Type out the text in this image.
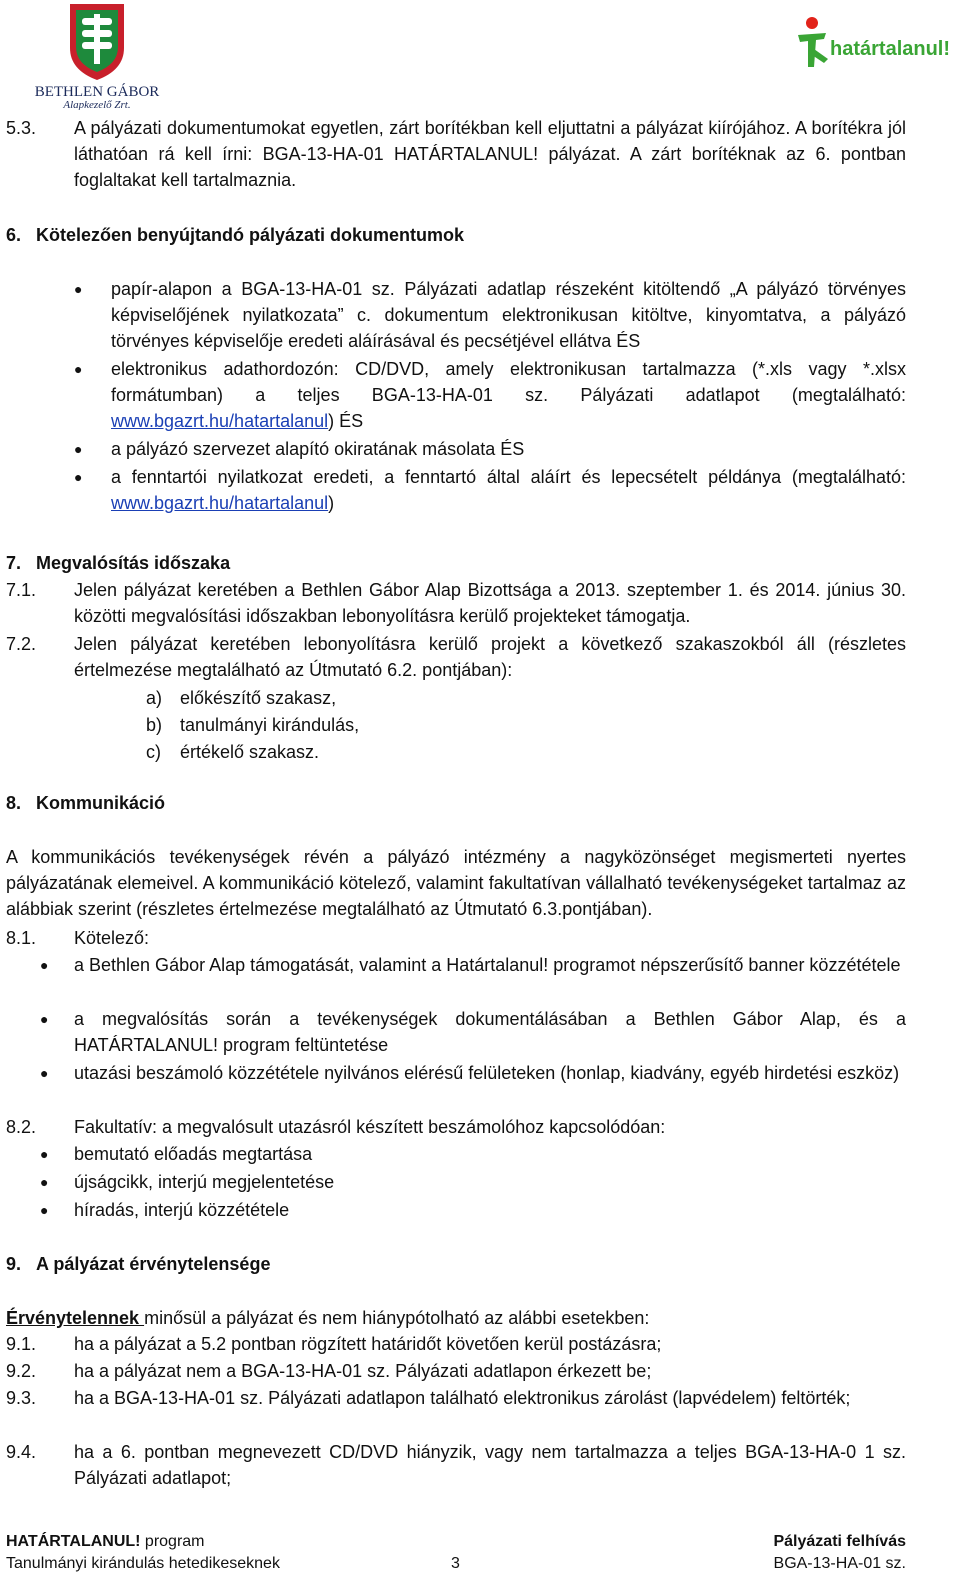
BETHLEN GÁBOR
Alapkezelő Zrt.
határtalanul!
5.3. A pályázati dokumentumokat egyetlen, zárt borítékban kell eljuttatni a pályázat kiírójához. A borítékra jól láthatóan rá kell írni: BGA-13-HA-01 HATÁRTALANUL! pályázat. A zárt borítéknak az 6. pontban foglaltakat kell tartalmaznia.
6. Kötelezően benyújtandó pályázati dokumentumok
● papír-alapon a BGA-13-HA-01 sz. Pályázati adatlap részeként kitöltendő „A pályázó törvényes képviselőjének nyilatkozata” c. dokumentum elektronikusan kitöltve, kinyomtatva, a pályázó törvényes képviselője eredeti aláírásával és pecsétjével ellátva ÉS
● elektronikus adathordozón: CD/DVD, amely elektronikusan tartalmazza (*.xls vagy *.xlsx formátumban) a teljes BGA-13-HA-01 sz. Pályázati adatlapot (megtalálható: www.bgazrt.hu/hatartalanul) ÉS
● a pályázó szervezet alapító okiratának másolata ÉS
● a fenntartói nyilatkozat eredeti, a fenntartó által aláírt és lepecsételt példánya (megtalálható: www.bgazrt.hu/hatartalanul)
7. Megvalósítás időszaka
7.1. Jelen pályázat keretében a Bethlen Gábor Alap Bizottsága a 2013. szeptember 1. és 2014. június 30. közötti megvalósítási időszakban lebonyolításra kerülő projekteket támogatja.
7.2. Jelen pályázat keretében lebonyolításra kerülő projekt a következő szakaszokból áll (részletes értelmezése megtalálható az Útmutató 6.2. pontjában):
a) előkészítő szakasz,
b) tanulmányi kirándulás,
c) értékelő szakasz.
8. Kommunikáció
A kommunikációs tevékenységek révén a pályázó intézmény a nagyközönséget megismerteti nyertes pályázatának elemeivel. A kommunikáció kötelező, valamint fakultatívan vállalható tevékenységeket tartalmaz az alábbiak szerint (részletes értelmezése megtalálható az Útmutató 6.3.pontjában).
8.1. Kötelező:
● a Bethlen Gábor Alap támogatását, valamint a Határtalanul! programot népszerűsítő banner közzététele
● a megvalósítás során a tevékenységek dokumentálásában a Bethlen Gábor Alap, és a HATÁRTALANUL! program feltüntetése
● utazási beszámoló közzététele nyilvános elérésű felületeken (honlap, kiadvány, egyéb hirdetési eszköz)
8.2. Fakultatív: a megvalósult utazásról készített beszámolóhoz kapcsolódóan:
● bemutató előadás megtartása
● újságcikk, interjú megjelentetése
● híradás, interjú közzététele
9. A pályázat érvénytelensége
Érvénytelennek minősül a pályázat és nem hiánypótolható az alábbi esetekben:
9.1. ha a pályázat a 5.2 pontban rögzített határidőt követően kerül postázásra;
9.2. ha a pályázat nem a BGA-13-HA-01 sz. Pályázati adatlapon érkezett be;
9.3. ha a BGA-13-HA-01 sz. Pályázati adatlapon található elektronikus zárolást (lapvédelem) feltörték;
9.4. ha a 6. pontban megnevezett CD/DVD hiányzik, vagy nem tartalmazza a teljes BGA-13-HA-0 1 sz. Pályázati adatlapot;
HATÁRTALANUL! program
Tanulmányi kirándulás hetedikeseknek	3
Pályázati felhívás
BGA-13-HA-01 sz.
